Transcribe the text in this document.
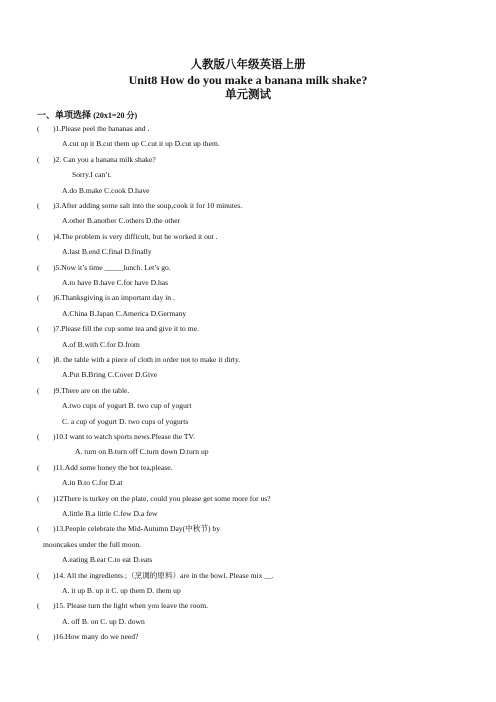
人教版八年级英语上册
Unit8 How do you make a banana milk shake?
单元测试
一、单项选择 (20x1=20 分)
( )1.Please peel the bananas and .
A.cut up it B.cut them up C.cut it up D.cut up them.
( )2. Can you a banana milk shake?
Sorry.I can’t.
A.do B.make C.cook D.have
( )3.After adding some salt into the soup,cook it for 10 minutes.
A.other B.another C.others D.the other
( )4.The problem is very difficult, but he worked it out .
A.last B.end C.final D.finally
( )5.Now it’s time _____lunch. Let’s go.
A.to have B.have C.for have D.has
( )6.Thanksgiving is an important day in .
A.China B.Japan C.America D.Germany
( )7.Please fill the cup some tea and give it to me.
A.of B.with C.for D.from
( )8. the table with a piece of cloth in order not to make it dirty.
A.Put B.Bring C.Cover D.Give
( )9.There are on the table.
A.two cups of yogurt B. two cup of yogurt
C. a cup of yogurt D. two cups of yogurts
( )10.I want to watch sports news.Please the TV.
A. turn on B.turn off C.turn down D.turn up
( )11.Add some honey the hot tea,please.
A.in B.to C.for D.at
( )12There is turkey on the plate, could you please get some more for us?
A.little B.a little C.few D.a few
( )13.People celebrate the Mid-Autumn Day(中秋节) by
mooncakes under the full moon.
A.eating B.eat C.to eat D.eats
( )14. All the ingredients ;（烹调的原料）are in the bowl. Please mix __.
A. it up B. up it C. up them D. them up
( )15. Please turn the light when you leave the room.
A. off B. on C. up D. down
( )16.How many do we need?
